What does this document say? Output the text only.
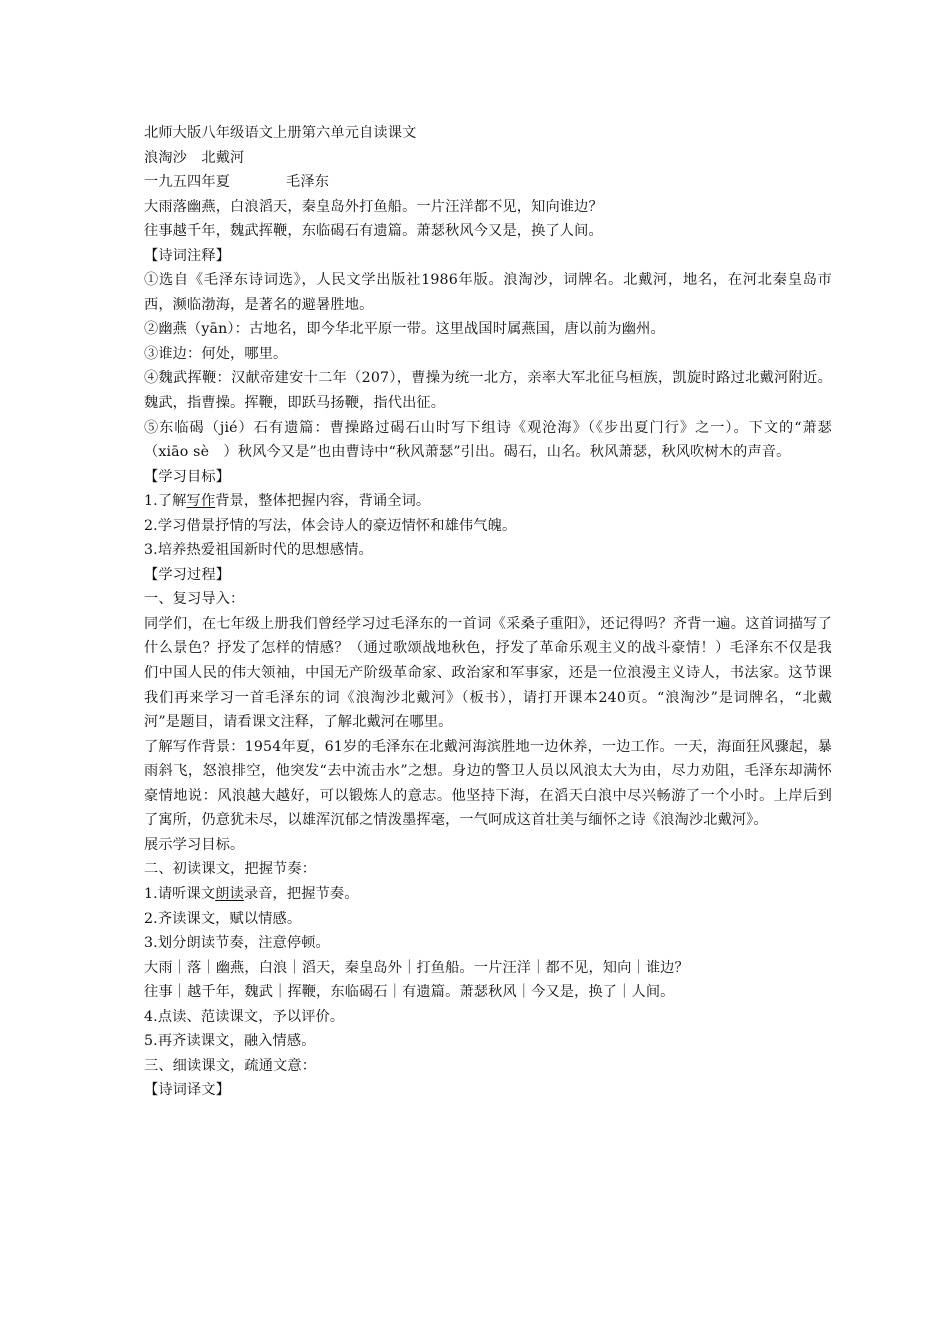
北师大版八年级语文上册第六单元自读课文
浪淘沙　北戴河
一九五四年夏	毛泽东
大雨落幽燕，白浪滔天，秦皇岛外打鱼船。一片汪洋都不见，知向谁边？
往事越千年，魏武挥鞭，东临碣石有遗篇。萧瑟秋风今又是，换了人间。
【诗词注释】
①选自《毛泽东诗词选》，人民文学出版社1986年版。浪淘沙，词牌名。北戴河，地名，在河北秦皇岛市西，濒临渤海，是著名的避暑胜地。
②幽燕（yān）：古地名，即今华北平原一带。这里战国时属燕国，唐以前为幽州。
③谁边：何处，哪里。
④魏武挥鞭：汉献帝建安十二年（207），曹操为统一北方，亲率大军北征乌桓族，凯旋时路过北戴河附近。魏武，指曹操。挥鞭，即跃马扬鞭，指代出征。
⑤东临碣（jié）石有遗篇：曹操路过碣石山时写下组诗《观沧海》（《步出夏门行》之一）。下文的“萧瑟（xiāo sè　）秋风今又是”也由曹诗中“秋风萧瑟”引出。碣石，山名。秋风萧瑟，秋风吹树木的声音。
【学习目标】
1.了解写作背景，整体把握内容，背诵全词。
2.学习借景抒情的写法，体会诗人的豪迈情怀和雄伟气魄。
3.培养热爱祖国新时代的思想感情。
【学习过程】
一、复习导入：
同学们，在七年级上册我们曾经学习过毛泽东的一首词《采桑子重阳》，还记得吗？齐背一遍。这首词描写了什么景色？抒发了怎样的情感？（通过歌颂战地秋色，抒发了革命乐观主义的战斗豪情！）毛泽东不仅是我们中国人民的伟大领袖，中国无产阶级革命家、政治家和军事家，还是一位浪漫主义诗人，书法家。这节课我们再来学习一首毛泽东的词《浪淘沙北戴河》（板书），请打开课本240页。“浪淘沙”是词牌名，“北戴河”是题目，请看课文注释，了解北戴河在哪里。
了解写作背景：1954年夏，61岁的毛泽东在北戴河海滨胜地一边休养，一边工作。一天，海面狂风骤起，暴雨斜飞，怒浪排空，他突发“去中流击水”之想。身边的警卫人员以风浪太大为由，尽力劝阻，毛泽东却满怀豪情地说：风浪越大越好，可以锻炼人的意志。他坚持下海，在滔天白浪中尽兴畅游了一个小时。上岸后到了寓所，仍意犹未尽，以雄浑沉郁之情泼墨挥毫，一气呵成这首壮美与缅怀之诗《浪淘沙北戴河》。
展示学习目标。
二、初读课文，把握节奏：
1.请听课文朗读录音，把握节奏。
2.齐读课文，赋以情感。
3.划分朗读节奏，注意停顿。
大雨｜落｜幽燕，白浪｜滔天，秦皇岛外｜打鱼船。一片汪洋｜都不见，知向｜谁边？
往事｜越千年，魏武｜挥鞭，东临碣石｜有遗篇。萧瑟秋风｜今又是，换了｜人间。
4.点读、范读课文，予以评价。
5.再齐读课文，融入情感。
三、细读课文，疏通文意：
【诗词译文】
